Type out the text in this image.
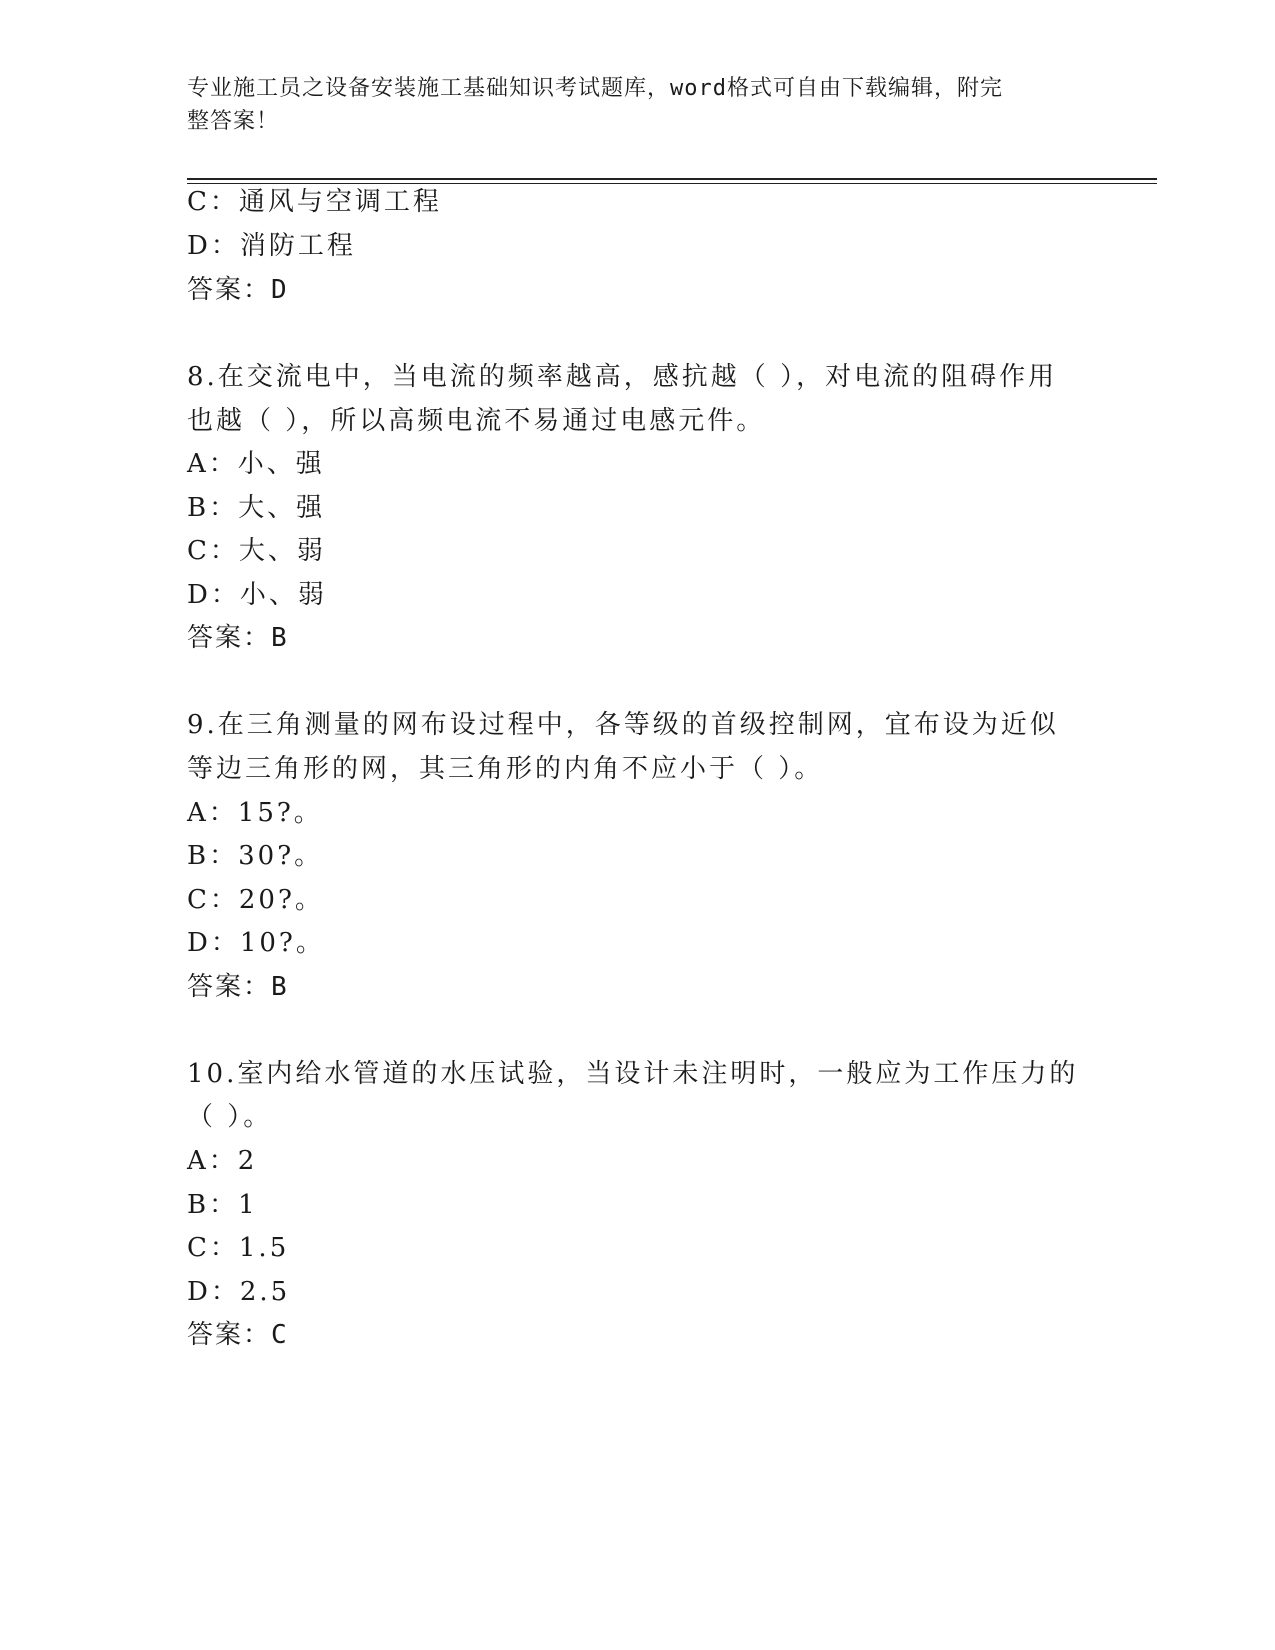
专业施工员之设备安装施工基础知识考试题库，word格式可自由下载编辑，附完
整答案！
C：通风与空调工程
D：消防工程
答案：D
8.在交流电中，当电流的频率越高，感抗越（ ），对电流的阻碍作用
也越（ ），所以高频电流不易通过电感元件。
A：小、强
B：大、强
C：大、弱
D：小、弱
答案：B
9.在三角测量的网布设过程中，各等级的首级控制网，宜布设为近似
等边三角形的网，其三角形的内角不应小于（ ）。
A：15?。
B：30?。
C：20?。
D：10?。
答案：B
10.室内给水管道的水压试验，当设计未注明时，一般应为工作压力的
（ ）。
A：2
B：1
C：1.5
D：2.5
答案：C
